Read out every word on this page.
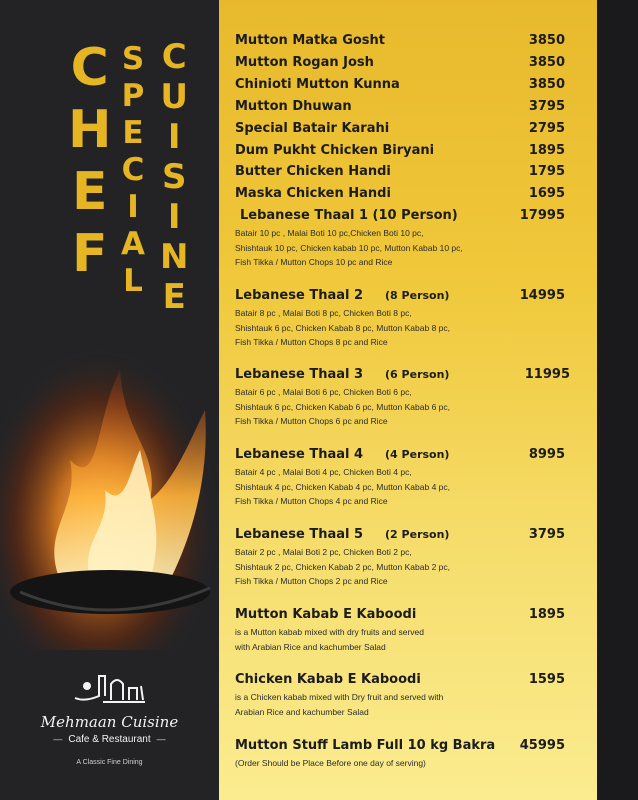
C
H
E
F
S
P
E
C
I
A
L
C
U
I
S
I
N
E
Mehmaan Cuisine
— Cafe & Restaurant —
A Classic Fine Dining
Mutton Matka Gosht	3850
Mutton Rogan Josh	3850
Chinioti Mutton Kunna	3850
Mutton Dhuwan	3795
Special Batair Karahi	2795
Dum Pukht Chicken Biryani	1895
Butter Chicken Handi	1795
Maska Chicken Handi	1695
Lebanese Thaal 1 (10 Person)	17995
Batair 10 pc , Malai Boti 10 pc,Chicken Boti 10 pc,
Shishtauk 10 pc, Chicken kabab 10 pc, Mutton Kabab 10 pc,
Fish Tikka / Mutton Chops 10 pc and Rice
Lebanese Thaal 2 (8 Person)	14995
Batair 8 pc , Malai Boti 8 pc, Chicken Boti 8 pc,
Shishtauk 6 pc, Chicken Kabab 8 pc, Mutton Kabab 8 pc,
Fish Tikka / Mutton Chops 8 pc and Rice
Lebanese Thaal 3 (6 Person)	11995
Batair 6 pc , Malai Boti 6 pc, Chicken Boti 6 pc,
Shishtauk 6 pc, Chicken Kabab 6 pc, Mutton Kabab 6 pc,
Fish Tikka / Mutton Chops 6 pc and Rice
Lebanese Thaal 4 (4 Person)	8995
Batair 4 pc , Malai Boti 4 pc, Chicken Boti 4 pc,
Shishtauk 4 pc, Chicken Kabab 4 pc, Mutton Kabab 4 pc,
Fish Tikka / Mutton Chops 4 pc and Rice
Lebanese Thaal 5 (2 Person)	3795
Batair 2 pc , Malai Boti 2 pc, Chicken Boti 2 pc,
Shishtauk 2 pc, Chicken Kabab 2 pc, Mutton Kabab 2 pc,
Fish Tikka / Mutton Chops 2 pc and Rice
Mutton Kabab E Kaboodi	1895
is a Mutton kabab mixed with dry fruits and served
with Arabian Rice and kachumber Salad
Chicken Kabab E Kaboodi	1595
is a Chicken kabab mixed with Dry fruit and served with
Arabian Rice and kachumber Salad
Mutton Stuff Lamb Full 10 kg Bakra 45995
(Order Should be Place Before one day of serving)
